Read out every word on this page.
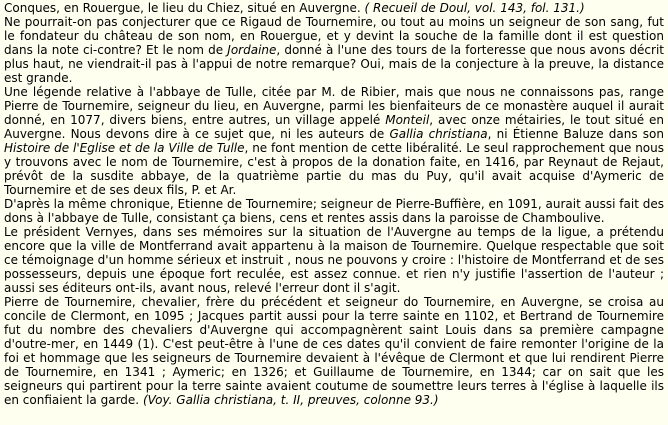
Conques, en Rouergue, le lieu du Chiez, situé en Auvergne. ( Recueil de Doul, vol. 143, fol. 131.)

Ne pourrait-on pas conjecturer que ce Rigaud de Tournemire, ou tout au moins un seigneur de son sang, fut le fondateur du château de son nom, en Rouergue, et y devint la souche de la famille dont il est question dans la note ci-contre? Et le nom de Jordaine, donné à l'une des tours de la forteresse que nous avons décrit plus haut, ne viendrait-il pas à l'appui de notre remarque? Oui, mais de la conjecture à la preuve, la distance est grande.

Une légende relative à l'abbaye de Tulle, citée par M. de Ribier, mais que nous ne connaissons pas, range Pierre de Tournemire, seigneur du lieu, en Auvergne, parmi les bienfaiteurs de ce monastère auquel il aurait donné, en 1077, divers biens, entre autres, un village appelé Monteil, avec onze métairies, le tout situé en Auvergne. Nous devons dire à ce sujet que, ni les auteurs de Gallia christiana, ni Étienne Baluze dans son Histoire de l'Eglise et de la Ville de Tulle, ne font mention de cette libéralité. Le seul rapprochement que nous y trouvons avec le nom de Tournemire, c'est à propos de la donation faite, en 1416, par Reynaut de Rejaut, prévôt de la susdite abbaye, de la quatrième partie du mas du Puy, qu'il avait acquise d'Aymeric de Tournemire et de ses deux fils, P. et Ar.

D'après la même chronique, Etienne de Tournemire; seigneur de Pierre-Buffière, en 1091, aurait aussi fait des dons à l'abbaye de Tulle, consistant ça biens, cens et rentes assis dans la paroisse de Chamboulive.

Le président Vernyes, dans ses mémoires sur la situation de l'Auvergne au temps de la ligue, a prétendu encore que la ville de Montferrand avait appartenu à la maison de Tournemire. Quelque respectable que soit ce témoignage d'un homme sérieux et instruit , nous ne pouvons y croire : l'histoire de Montferrand et de ses possesseurs, depuis une époque fort reculée, est assez connue. et rien n'y justifie l'assertion de l'auteur ; aussi ses éditeurs ont-ils, avant nous, relevé l'erreur dont il s'agit.

Pierre de Tournemire, chevalier, frère du précédent et seigneur do Tournemire, en Auvergne, se croisa au concile de Clermont, en 1095 ; Jacques partit aussi pour la terre sainte en 1102, et Bertrand de Tournemire fut du nombre des chevaliers d'Auvergne qui accompagnèrent saint Louis dans sa première campagne d'outre-mer, en 1449 (1). C'est peut-être à l'une de ces dates qu'il convient de faire remonter l'origine de la foi et hommage que les seigneurs de Tournemire devaient à l'évêque de Clermont et que lui rendirent Pierre de Tournemire, en 1341 ; Aymeric; en 1326; et Guillaume de Tournemire, en 1344; car on sait que les seigneurs qui partirent pour la terre sainte avaient coutume de soumettre leurs terres à l'église à laquelle ils en confiaient la garde. (Voy. Gallia christiana, t. II, preuves, colonne 93.)
